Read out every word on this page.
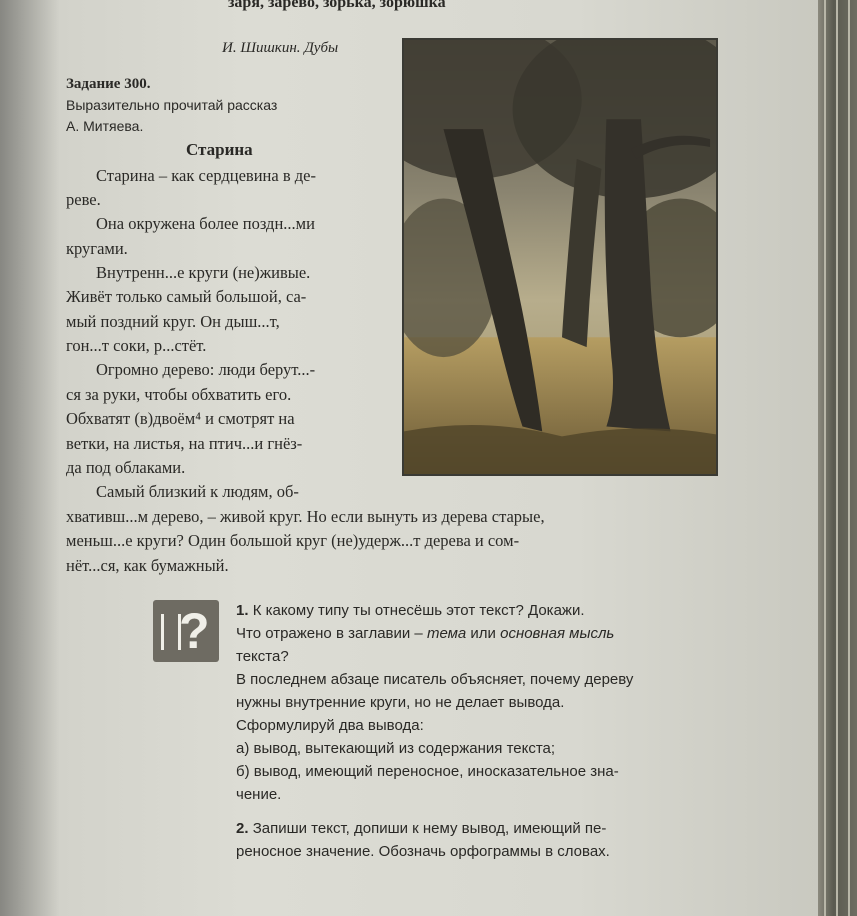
заря, зарево, зорька, зорюшка
И. Шишкин. Дубы
Задание 300.
Выразительно прочитай рассказ
А. Митяева.
Старина
Старина – как сердцевина в де-
реве.
Она окружена более поздн...ми
кругами.
Внутренн...е круги (не)живые.
Живёт только самый большой, са-
мый поздний круг. Он дыш...т,
гон...т соки, р...стёт.
Огромно дерево: люди берут...-
ся за руки, чтобы обхватить его.
Обхватят (в)двоём⁴ и смотрят на
ветки, на листья, на птич...и гнёз-
да под облаками.
Самый близкий к людям, об-
хвативш...м дерево, – живой круг. Но если вынуть из дерева старые,
меньш...е круги? Один большой круг (не)удерж...т дерева и сом-
нёт...ся, как бумажный.
? 1. К какому типу ты отнесёшь этот текст? Докажи.
Что отражено в заглавии – тема или основная мысль
текста?
В последнем абзаце писатель объясняет, почему дереву
нужны внутренние круги, но не делает вывода.
Сформулируй два вывода:
а) вывод, вытекающий из содержания текста;
б) вывод, имеющий переносное, иносказательное зна-
чение.
2. Запиши текст, допиши к нему вывод, имеющий пе-
реносное значение. Обозначь орфограммы в словах.
